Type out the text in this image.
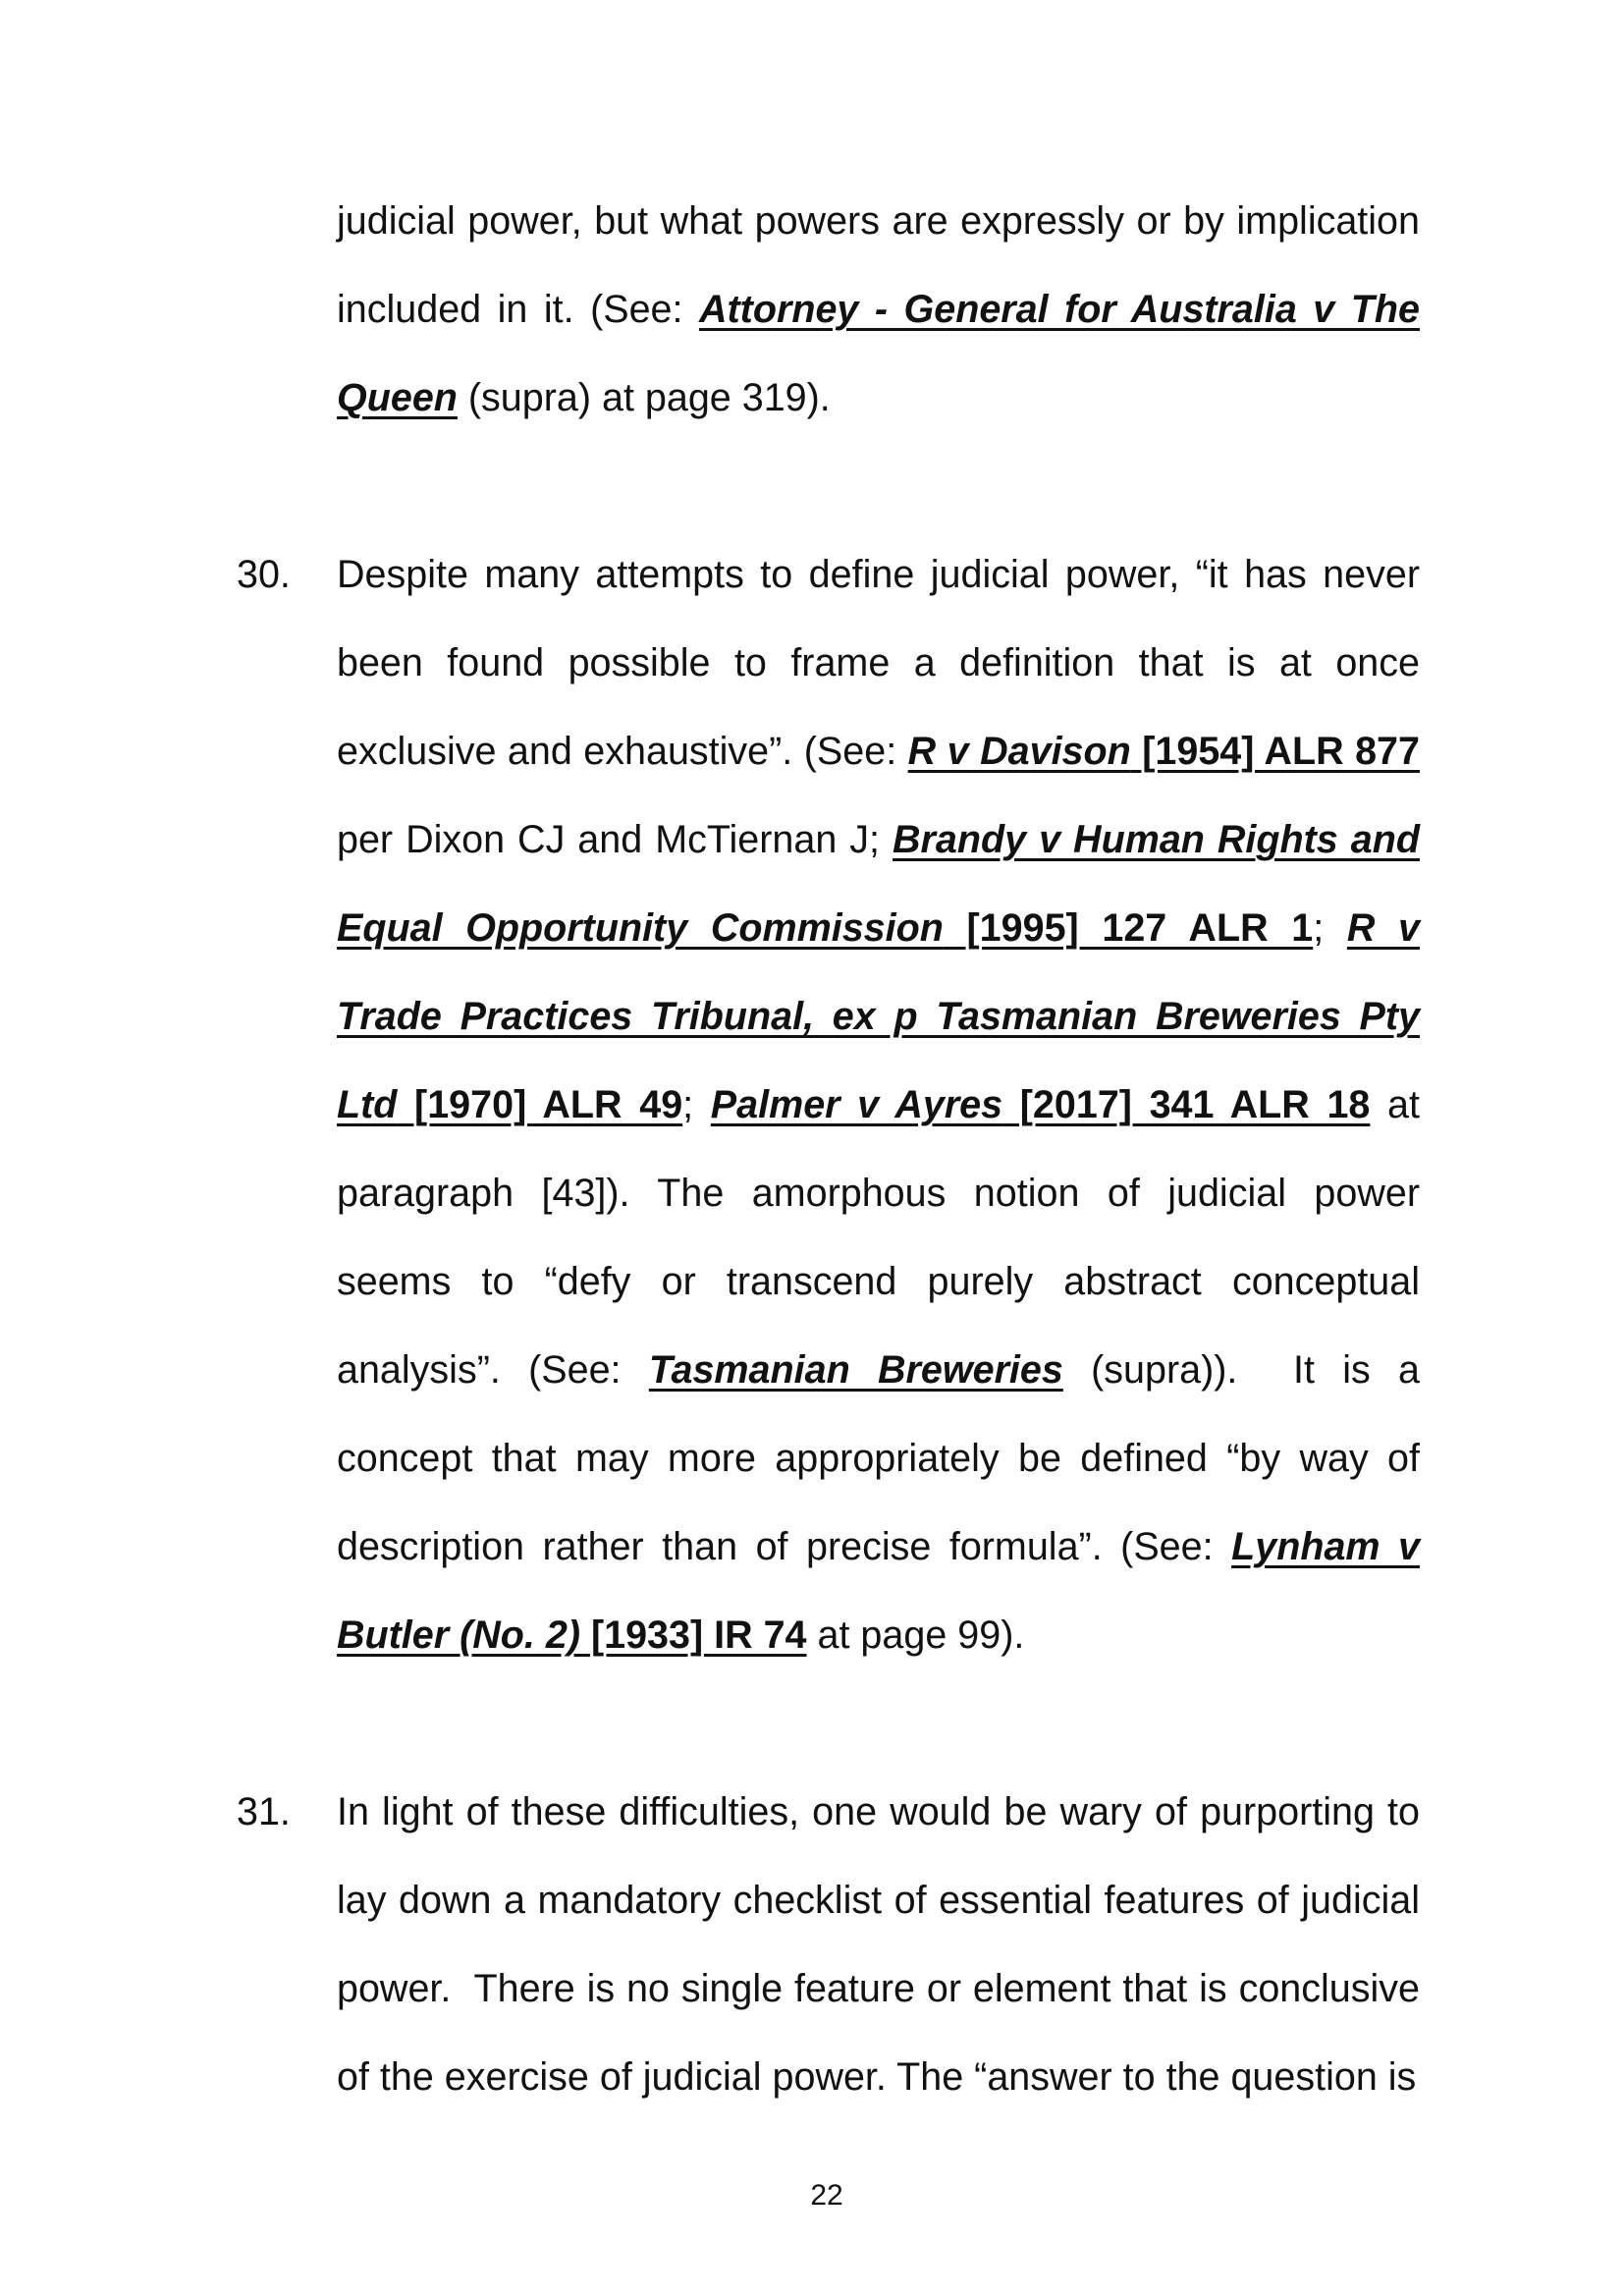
judicial power, but what powers are expressly or by implication included in it. (See: Attorney - General for Australia v The Queen (supra) at page 319).
30. Despite many attempts to define judicial power, “it has never been found possible to frame a definition that is at once exclusive and exhaustive”. (See: R v Davison [1954] ALR 877 per Dixon CJ and McTiernan J; Brandy v Human Rights and Equal Opportunity Commission [1995] 127 ALR 1; R v Trade Practices Tribunal, ex p Tasmanian Breweries Pty Ltd [1970] ALR 49; Palmer v Ayres [2017] 341 ALR 18 at paragraph [43]). The amorphous notion of judicial power seems to “defy or transcend purely abstract conceptual analysis”. (See: Tasmanian Breweries (supra)).  It is a concept that may more appropriately be defined “by way of description rather than of precise formula”. (See: Lynham v Butler (No. 2) [1933] IR 74 at page 99).
31. In light of these difficulties, one would be wary of purporting to lay down a mandatory checklist of essential features of judicial power.  There is no single feature or element that is conclusive of the exercise of judicial power. The “answer to the question is
22
